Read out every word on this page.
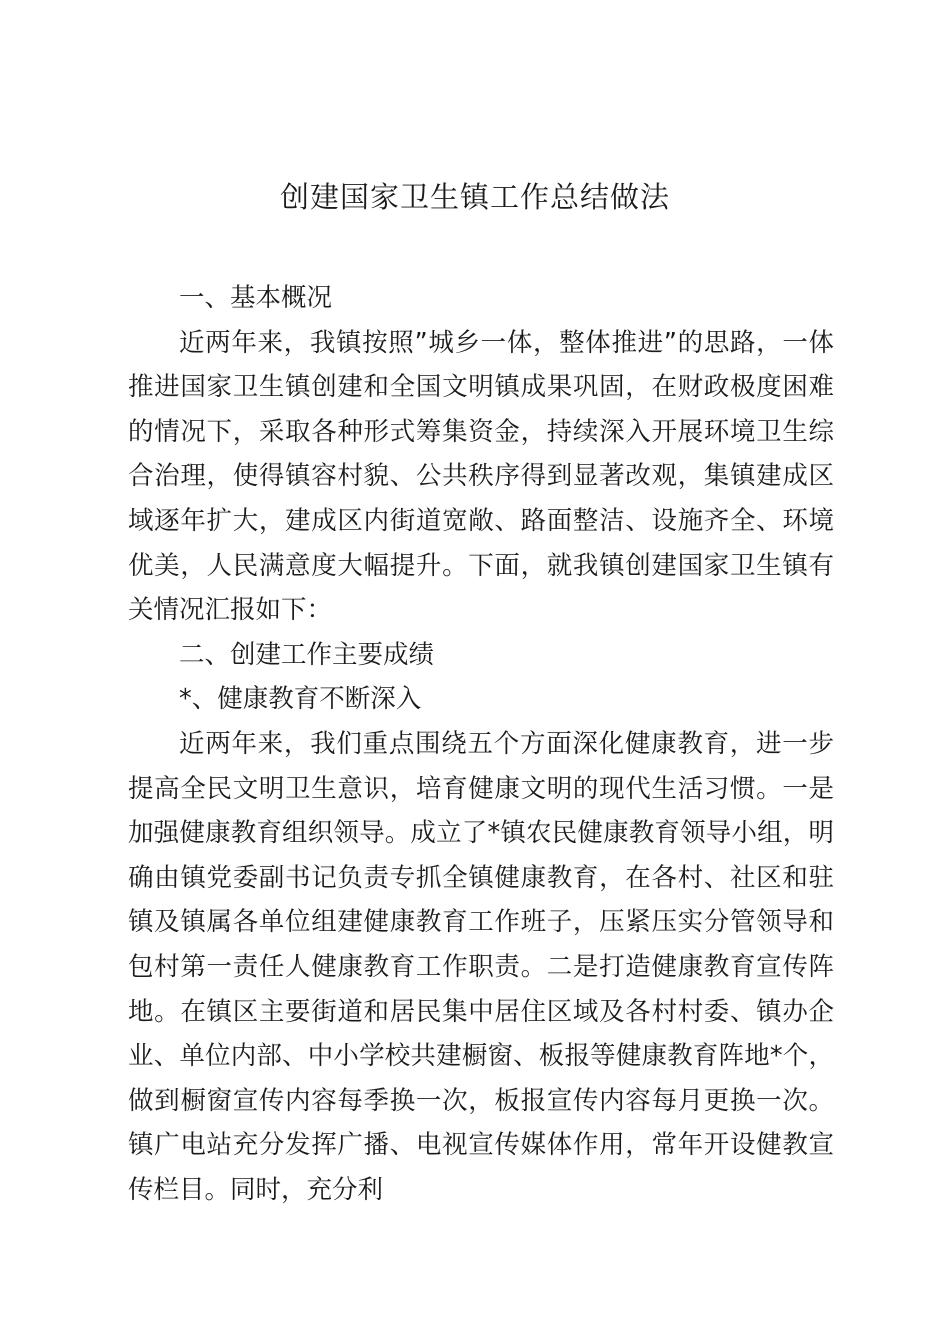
创建国家卫生镇工作总结做法

一、基本概况

近两年来，我镇按照”城乡一体，整体推进”的思路，一体推进国家卫生镇创建和全国文明镇成果巩固，在财政极度困难的情况下，采取各种形式筹集资金，持续深入开展环境卫生综合治理，使得镇容村貌、公共秩序得到显著改观，集镇建成区域逐年扩大，建成区内街道宽敞、路面整洁、设施齐全、环境优美，人民满意度大幅提升。下面，就我镇创建国家卫生镇有关情况汇报如下：

二、创建工作主要成绩

*、健康教育不断深入

近两年来，我们重点围绕五个方面深化健康教育，进一步提高全民文明卫生意识，培育健康文明的现代生活习惯。一是加强健康教育组织领导。成立了*镇农民健康教育领导小组，明确由镇党委副书记负责专抓全镇健康教育，在各村、社区和驻镇及镇属各单位组建健康教育工作班子，压紧压实分管领导和包村第一责任人健康教育工作职责。二是打造健康教育宣传阵地。在镇区主要街道和居民集中居住区域及各村村委、镇办企业、单位内部、中小学校共建橱窗、板报等健康教育阵地*个，做到橱窗宣传内容每季换一次，板报宣传内容每月更换一次。镇广电站充分发挥广播、电视宣传媒体作用，常年开设健教宣传栏目。同时，充分利
